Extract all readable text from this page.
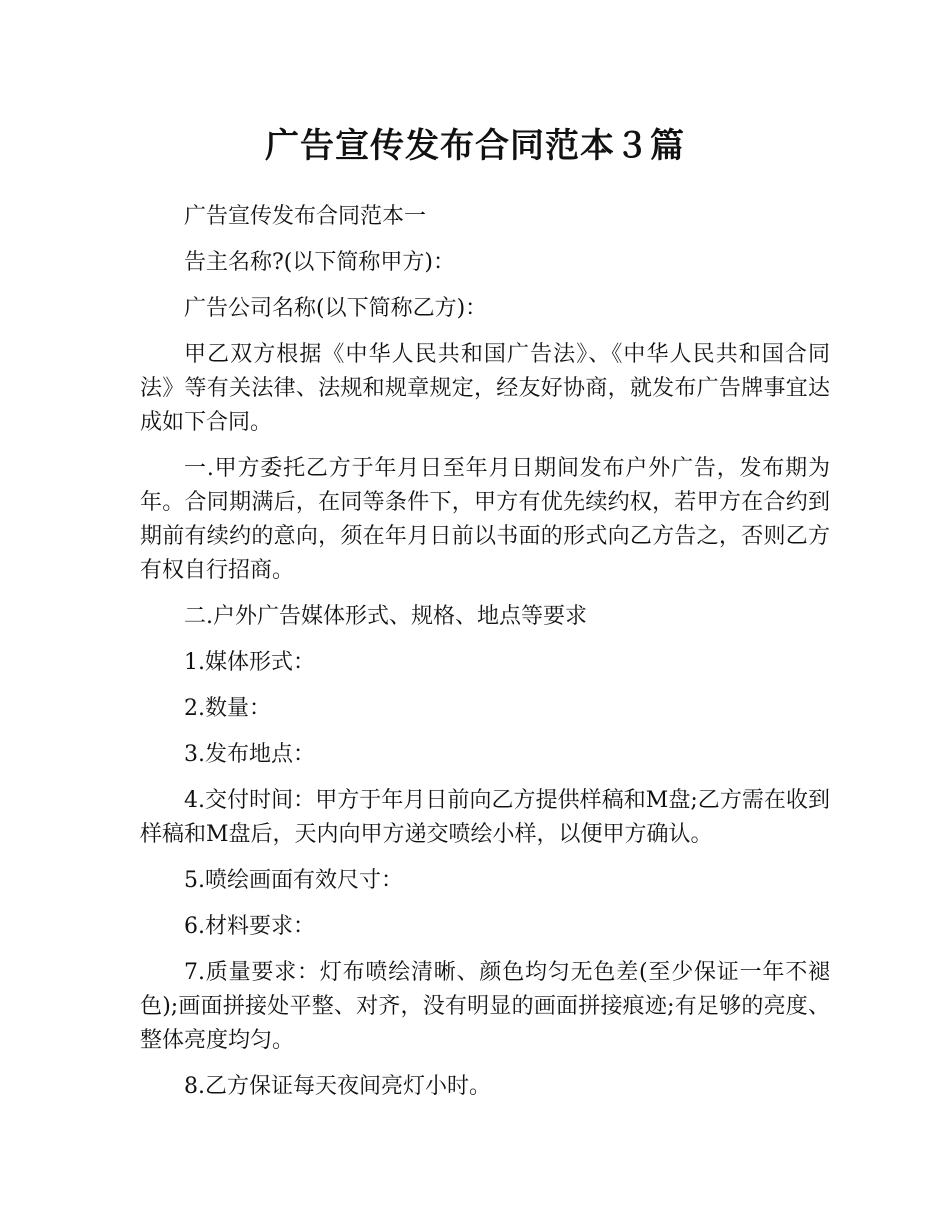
广告宣传发布合同范本３篇

广告宣传发布合同范本一

告主名称?(以下简称甲方)：

广告公司名称(以下简称乙方)：

甲乙双方根据《中华人民共和国广告法》、《中华人民共和国合同法》等有关法律、法规和规章规定，经友好协商，就发布广告牌事宜达成如下合同。

一.甲方委托乙方于年月日至年月日期间发布户外广告，发布期为年。合同期满后，在同等条件下，甲方有优先续约权，若甲方在合约到期前有续约的意向，须在年月日前以书面的形式向乙方告之，否则乙方有权自行招商。

二.户外广告媒体形式、规格、地点等要求

1.媒体形式：

2.数量：

3.发布地点：

4.交付时间：甲方于年月日前向乙方提供样稿和M盘;乙方需在收到样稿和M盘后，天内向甲方递交喷绘小样，以便甲方确认。

5.喷绘画面有效尺寸：

6.材料要求：

7.质量要求：灯布喷绘清晰、颜色均匀无色差(至少保证一年不褪色);画面拼接处平整、对齐，没有明显的画面拼接痕迹;有足够的亮度、整体亮度均匀。

8.乙方保证每天夜间亮灯小时。
